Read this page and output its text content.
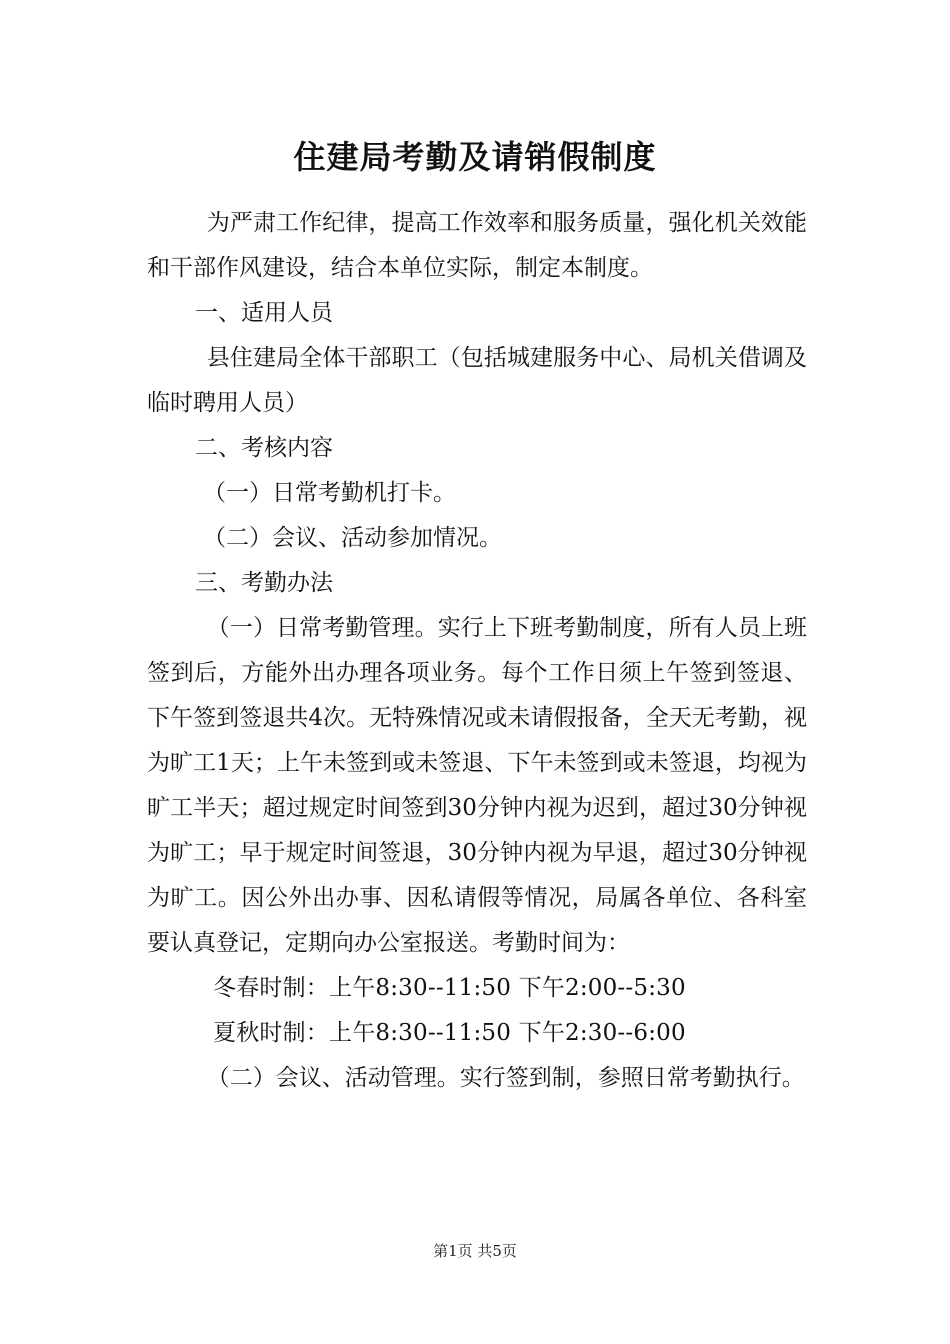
住建局考勤及请销假制度

为严肃工作纪律，提高工作效率和服务质量，强化机关效能和干部作风建设，结合本单位实际，制定本制度。

一、适用人员

县住建局全体干部职工（包括城建服务中心、局机关借调及临时聘用人员）

二、考核内容

（一）日常考勤机打卡。

（二）会议、活动参加情况。

三、考勤办法

（一）日常考勤管理。实行上下班考勤制度，所有人员上班签到后，方能外出办理各项业务。每个工作日须上午签到签退、下午签到签退共4次。无特殊情况或未请假报备，全天无考勤，视为旷工1天；上午未签到或未签退、下午未签到或未签退，均视为旷工半天；超过规定时间签到30分钟内视为迟到，超过30分钟视为旷工；早于规定时间签退，30分钟内视为早退，超过30分钟视为旷工。因公外出办事、因私请假等情况，局属各单位、各科室要认真登记，定期向办公室报送。考勤时间为：

冬春时制：上午8:30--11:50 下午2:00--5:30

夏秋时制：上午8:30--11:50 下午2:30--6:00

（二）会议、活动管理。实行签到制，参照日常考勤执行。

第1页 共5页
